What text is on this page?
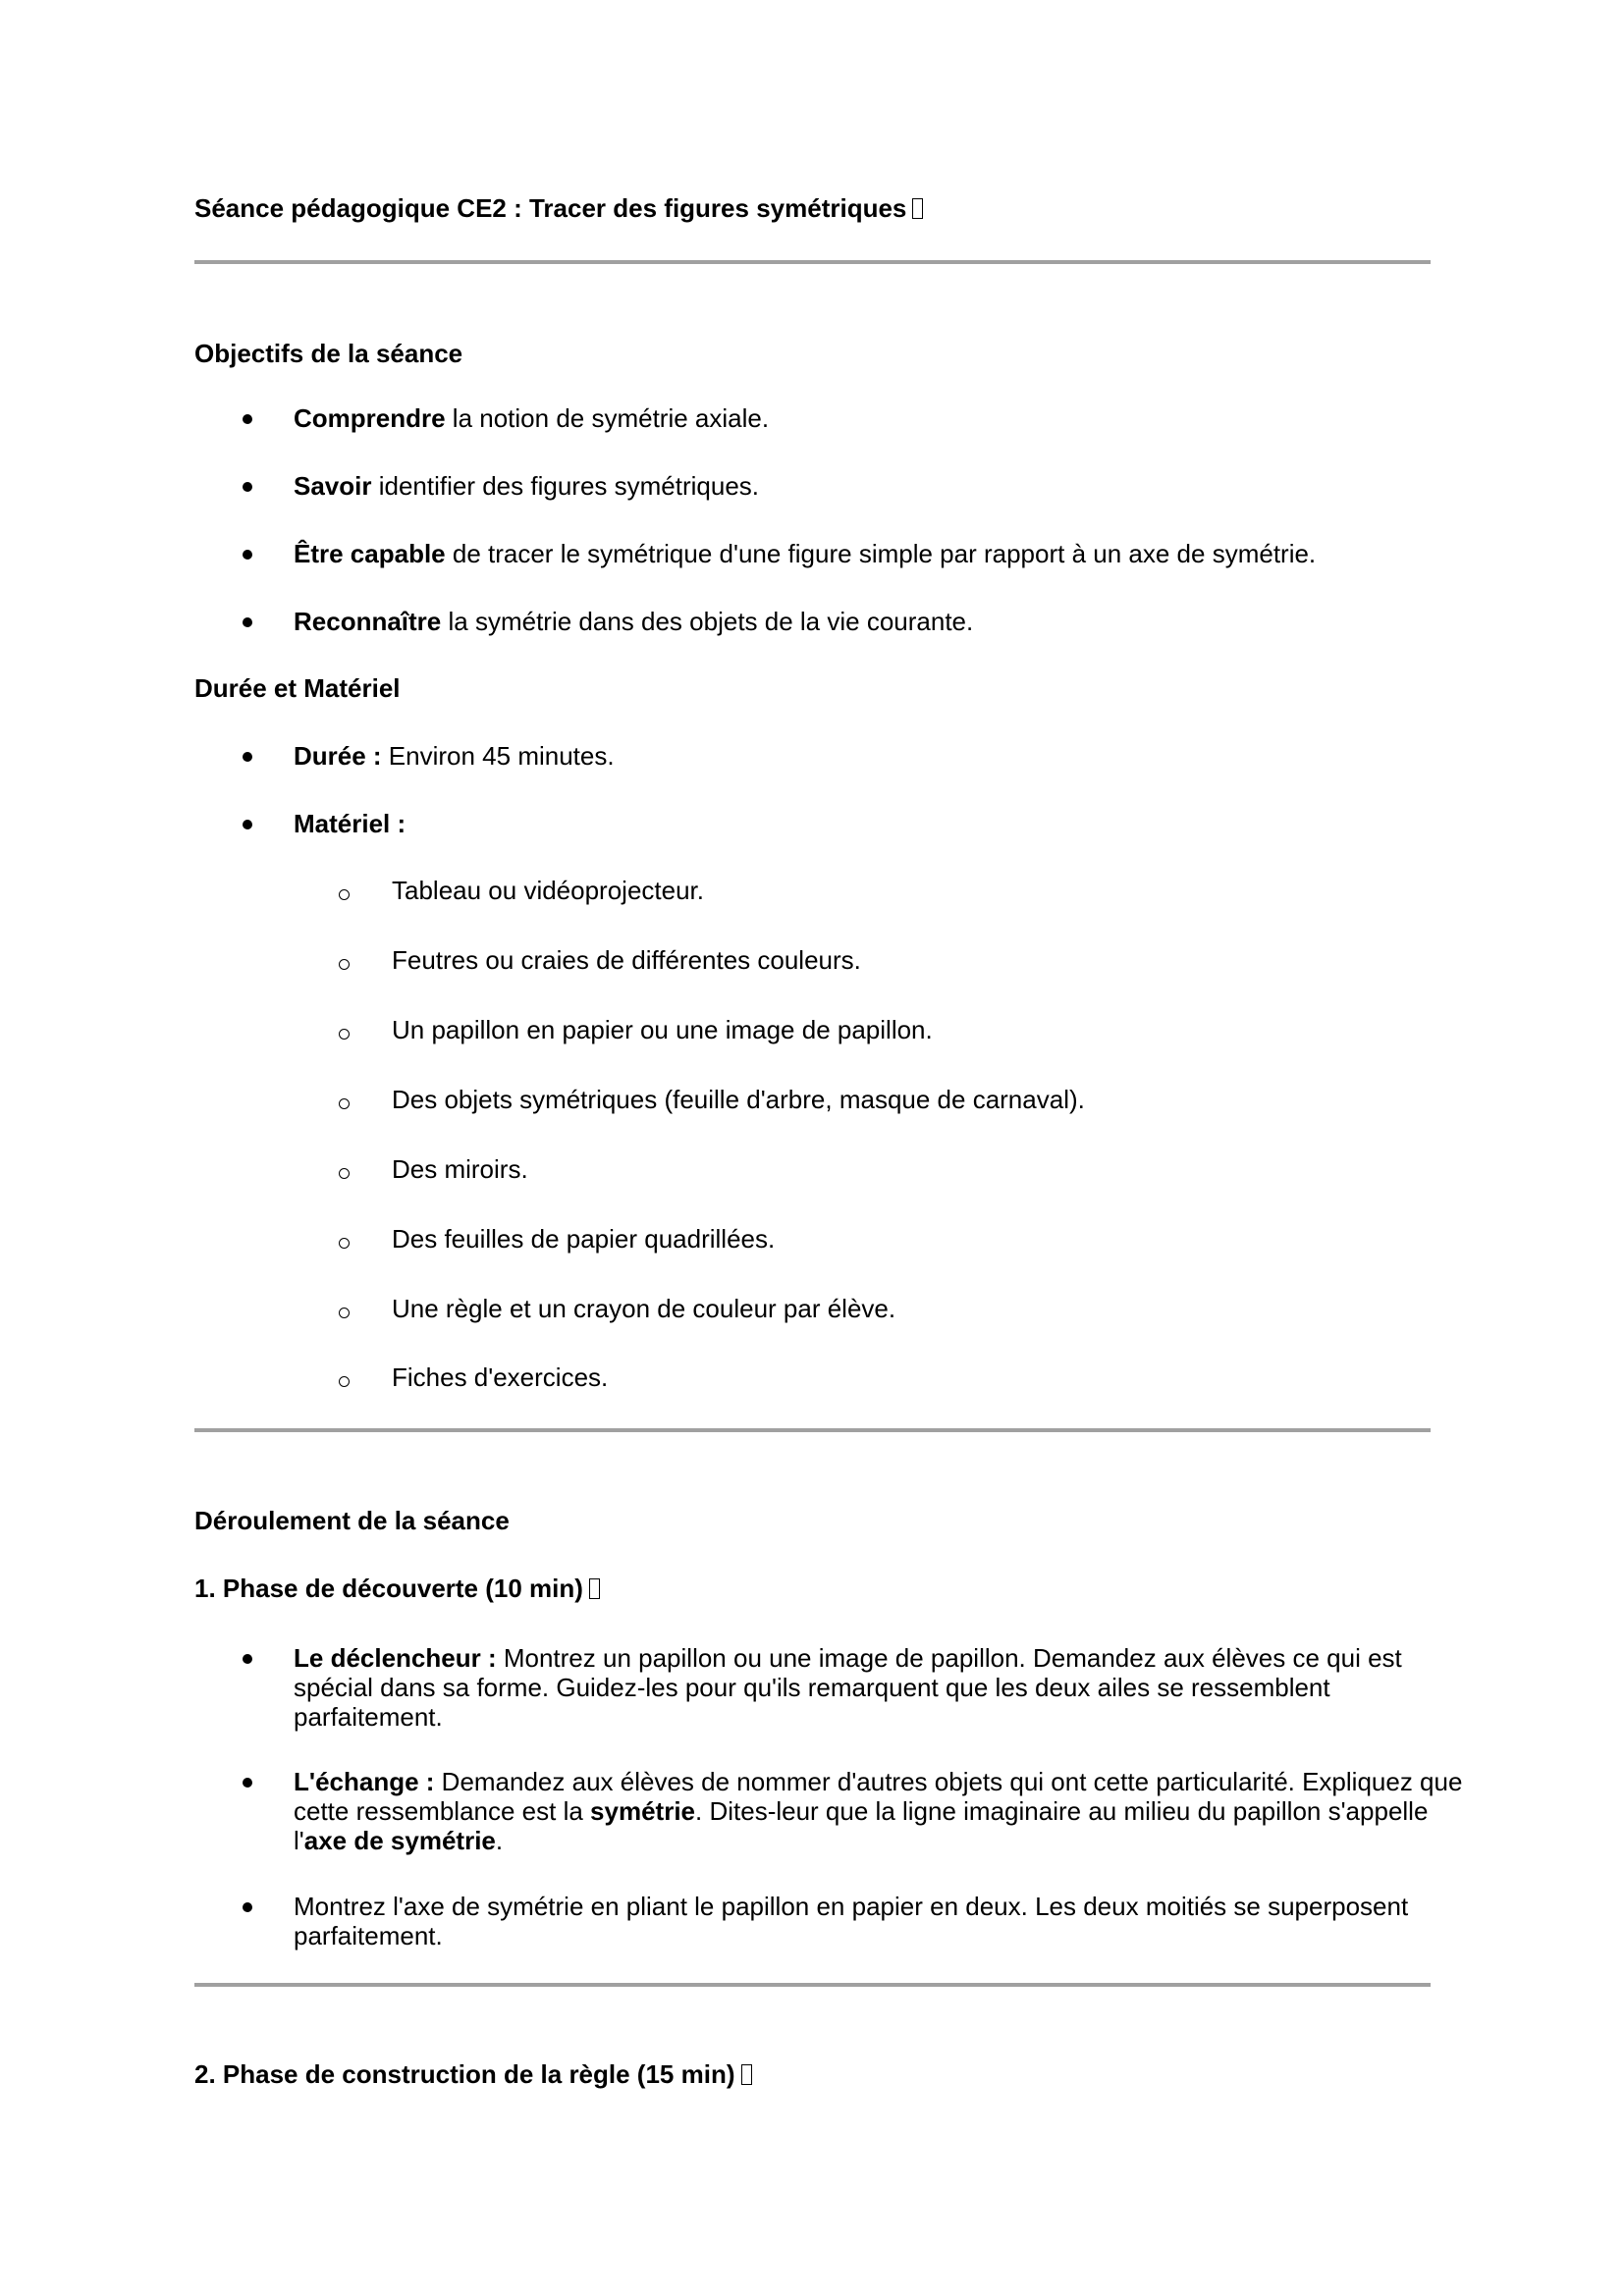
Séance pédagogique CE2 : Tracer des figures symétriques
Objectifs de la séance
Comprendre la notion de symétrie axiale.
Savoir identifier des figures symétriques.
Être capable de tracer le symétrique d'une figure simple par rapport à un axe de symétrie.
Reconnaître la symétrie dans des objets de la vie courante.
Durée et Matériel
Durée : Environ 45 minutes.
Matériel :
Tableau ou vidéoprojecteur.
Feutres ou craies de différentes couleurs.
Un papillon en papier ou une image de papillon.
Des objets symétriques (feuille d'arbre, masque de carnaval).
Des miroirs.
Des feuilles de papier quadrillées.
Une règle et un crayon de couleur par élève.
Fiches d'exercices.
Déroulement de la séance
1. Phase de découverte (10 min)
Le déclencheur : Montrez un papillon ou une image de papillon. Demandez aux élèves ce qui est
spécial dans sa forme. Guidez-les pour qu'ils remarquent que les deux ailes se ressemblent
parfaitement.
L'échange : Demandez aux élèves de nommer d'autres objets qui ont cette particularité. Expliquez que
cette ressemblance est la symétrie. Dites-leur que la ligne imaginaire au milieu du papillon s'appelle
l'axe de symétrie.
Montrez l'axe de symétrie en pliant le papillon en papier en deux. Les deux moitiés se superposent
parfaitement.
2. Phase de construction de la règle (15 min)
